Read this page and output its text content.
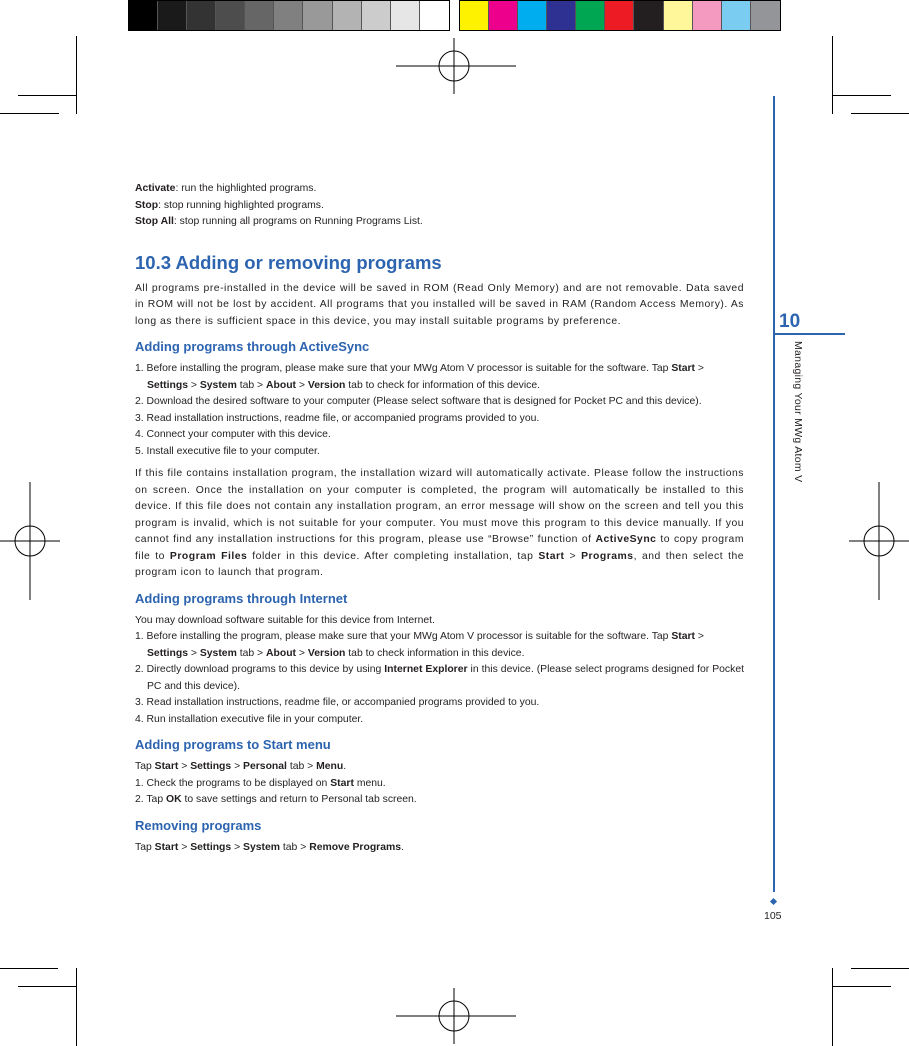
10
Managing Your MWg Atom V
105

Activate: run the highlighted programs.

Stop: stop running highlighted programs.

Stop All: stop running all programs on Running Programs List.

10.3 Adding or removing programs

All programs pre-installed in the device will be saved in ROM (Read Only Memory) and are not removable. Data saved in ROM will not be lost by accident. All programs that you installed will be saved in RAM (Random Access Memory). As long as there is sufficient space in this device, you may install suitable programs by preference.

Adding programs through ActiveSync

1. Before installing the program, please make sure that your MWg Atom V processor is suitable for the software. Tap Start > Settings > System tab > About > Version tab to check for information of this device.

2. Download the desired software to your computer (Please select software that is designed for Pocket PC and this device).

3. Read installation instructions, readme file, or accompanied programs provided to you.

4. Connect your computer with this device.

5. Install executive file to your computer.

If this file contains installation program, the installation wizard will automatically activate. Please follow the instructions on screen. Once the installation on your computer is completed, the program will automatically be installed to this device. If this file does not contain any installation program, an error message will show on the screen and tell you this program is invalid, which is not suitable for your computer. You must move this program to this device manually. If you cannot find any installation instructions for this program, please use “Browse” function of ActiveSync to copy program file to Program Files folder in this device. After completing installation, tap Start > Programs, and then select the program icon to launch that program.

Adding programs through Internet

You may download software suitable for this device from Internet.

1. Before installing the program, please make sure that your MWg Atom V processor is suitable for the software. Tap Start > Settings > System tab > About > Version tab to check information in this device.

2. Directly download programs to this device by using Internet Explorer in this device. (Please select programs designed for Pocket PC and this device).

3. Read installation instructions, readme file, or accompanied programs provided to you.

4. Run installation executive file in your computer.

Adding programs to Start menu

Tap Start > Settings > Personal tab > Menu.

1. Check the programs to be displayed on Start menu.

2. Tap OK to save settings and return to Personal tab screen.

Removing programs

Tap Start > Settings > System tab > Remove Programs.
